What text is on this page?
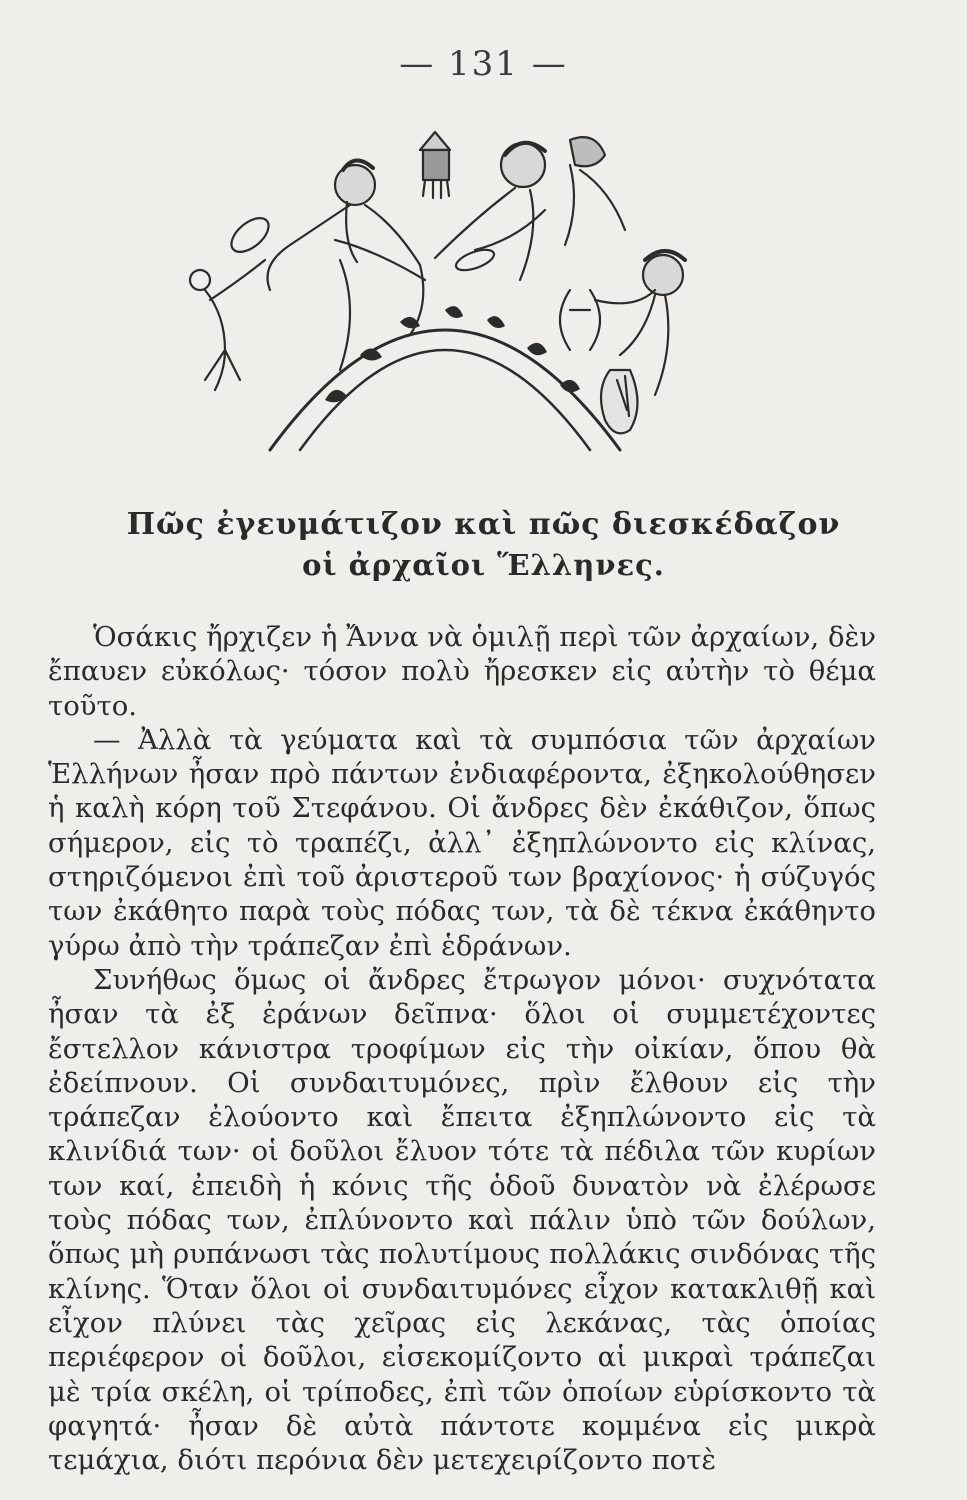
— 131 —
Πῶς ἐγευμάτιζον καὶ πῶς διεσκέδαζον
οἱ ἀρχαῖοι Ἕλληνες.

Ὁσάκις ἤρχιζεν ἡ Ἄννα νὰ ὁμιλῇ περὶ τῶν ἀρχαίων, δὲν ἔπαυεν εὐκόλως· τόσον πολὺ ἤρεσκεν εἰς αὐτὴν τὸ θέμα τοῦτο.

— Ἀλλὰ τὰ γεύματα καὶ τὰ συμπόσια τῶν ἀρχαίων Ἑλλήνων ἦσαν πρὸ πάντων ἐνδιαφέροντα, ἐξηκολούθησεν ἡ καλὴ κόρη τοῦ Στεφάνου. Οἱ ἄνδρες δὲν ἐκάθιζον, ὅπως σήμερον, εἰς τὸ τραπέζι, ἀλλ᾽ ἐξηπλώνοντο εἰς κλίνας, στηριζόμενοι ἐπὶ τοῦ ἀριστεροῦ των βραχίονος· ἡ σύζυγός των ἐκάθητο παρὰ τοὺς πόδας των, τὰ δὲ τέκνα ἐκάθηντο γύρω ἀπὸ τὴν τράπεζαν ἐπὶ ἑδράνων.

Συνήθως ὅμως οἱ ἄνδρες ἔτρωγον μόνοι· συχνότατα ἦσαν τὰ ἐξ ἐράνων δεῖπνα· ὅλοι οἱ συμμετέχοντες ἔστελλον κάνιστρα τροφίμων εἰς τὴν οἰκίαν, ὅπου θὰ ἐδείπνουν. Οἱ συνδαιτυμόνες, πρὶν ἔλθουν εἰς τὴν τράπεζαν ἐλούοντο καὶ ἔπειτα ἐξηπλώνοντο εἰς τὰ κλινίδιά των· οἱ δοῦλοι ἔλυον τότε τὰ πέδιλα τῶν κυρίων των καί, ἐπειδὴ ἡ κόνις τῆς ὁδοῦ δυνατὸν νὰ ἐλέρωσε τοὺς πόδας των, ἐπλύνοντο καὶ πάλιν ὑπὸ τῶν δούλων, ὅπως μὴ ρυπάνωσι τὰς πολυτίμους πολλάκις σινδόνας τῆς κλίνης. Ὅταν ὅλοι οἱ συνδαιτυμόνες εἶχον κατακλιθῇ καὶ εἶχον πλύνει τὰς χεῖρας εἰς λεκάνας, τὰς ὁποίας περιέφερον οἱ δοῦλοι, εἰσεκομίζοντο αἱ μικραὶ τράπεζαι μὲ τρία σκέλη, οἱ τρίποδες, ἐπὶ τῶν ὁποίων εὑρίσκοντο τὰ φαγητά· ἦσαν δὲ αὐτὰ πάντοτε κομμένα εἰς μικρὰ τεμάχια, διότι περόνια δὲν μετεχειρίζοντο ποτὲ
